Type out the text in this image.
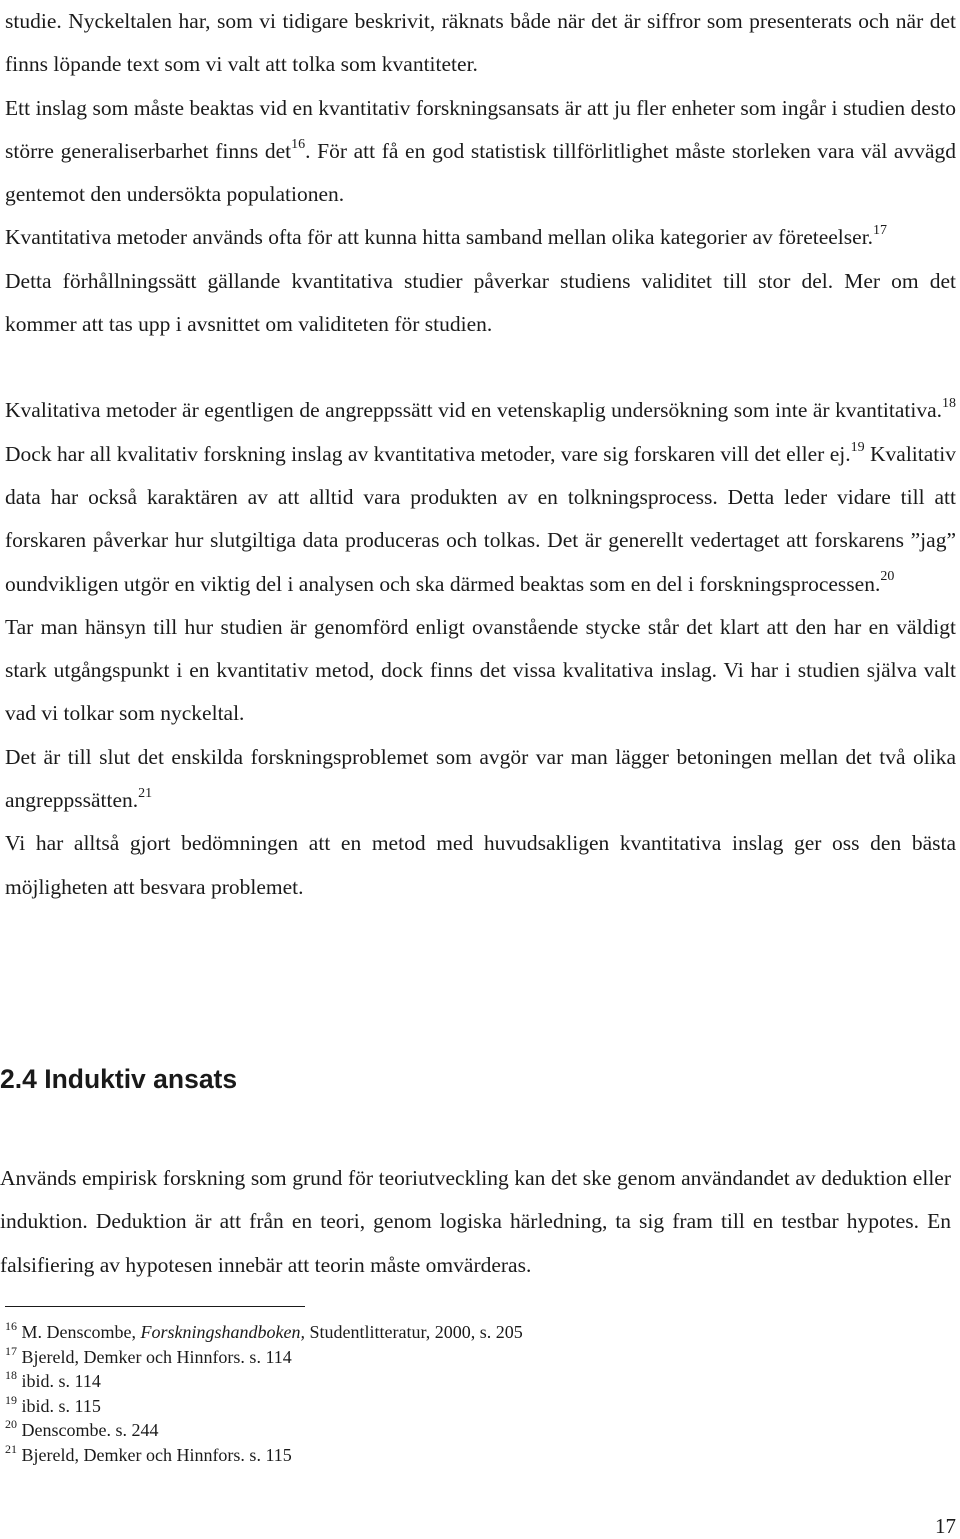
studie. Nyckeltalen har, som vi tidigare beskrivit, räknats både när det är siffror som presenterats och när det finns löpande text som vi valt att tolka som kvantiteter.

Ett inslag som måste beaktas vid en kvantitativ forskningsansats är att ju fler enheter som ingår i studien desto större generaliserbarhet finns $\det^{16}$. För att få en god statistisk tillförlitlighet måste storleken vara väl avvägd gentemot den undersökta populationen.

Kvantitativa metoder används ofta för att kunna hitta samband mellan olika kategorier av företeelser.$^{17}$

Detta förhållningssätt gällande kvantitativa studier påverkar studiens validitet till stor del. Mer om det kommer att tas upp i avsnittet om validiteten för studien.

Kvalitativa metoder är egentligen de angreppssätt vid en vetenskaplig undersökning som inte är kvantitativa.$^{18}$ Dock har all kvalitativ forskning inslag av kvantitativa metoder, vare sig forskaren vill det eller ej.$^{19}$ Kvalitativ data har också karaktären av att alltid vara produkten av en tolkningsprocess. Detta leder vidare till att forskaren påverkar hur slutgiltiga data produceras och tolkas. Det är generellt vedertaget att forskarens ”jag” oundvikligen utgör en viktig del i analysen och ska därmed beaktas som en del i forskningsprocessen.$^{20}$

Tar man hänsyn till hur studien är genomförd enligt ovanstående stycke står det klart att den har en väldigt stark utgångspunkt i en kvantitativ metod, dock finns det vissa kvalitativa inslag. Vi har i studien själva valt vad vi tolkar som nyckeltal.

Det är till slut det enskilda forskningsproblemet som avgör var man lägger betoningen mellan det två olika angreppssätten.$^{21}$

Vi har alltså gjort bedömningen att en metod med huvudsakligen kvantitativa inslag ger oss den bästa möjligheten att besvara problemet.

2.4 Induktiv ansats

Används empirisk forskning som grund för teoriutveckling kan det ske genom användandet av deduktion eller induktion. Deduktion är att från en teori, genom logiska härledning, ta sig fram till en testbar hypotes. En falsifiering av hypotesen innebär att teorin måste omvärderas.

$^{16}$ M. Denscombe, Forskningshandboken, Studentlitteratur, 2000, s. 205
$^{17}$ Bjereld, Demker och Hinnfors. s. 114
$^{18}$ ibid. s. 114
$^{19}$ ibid. s. 115
$^{20}$ Denscombe. s. 244
$^{21}$ Bjereld, Demker och Hinnfors. s. 115
17
